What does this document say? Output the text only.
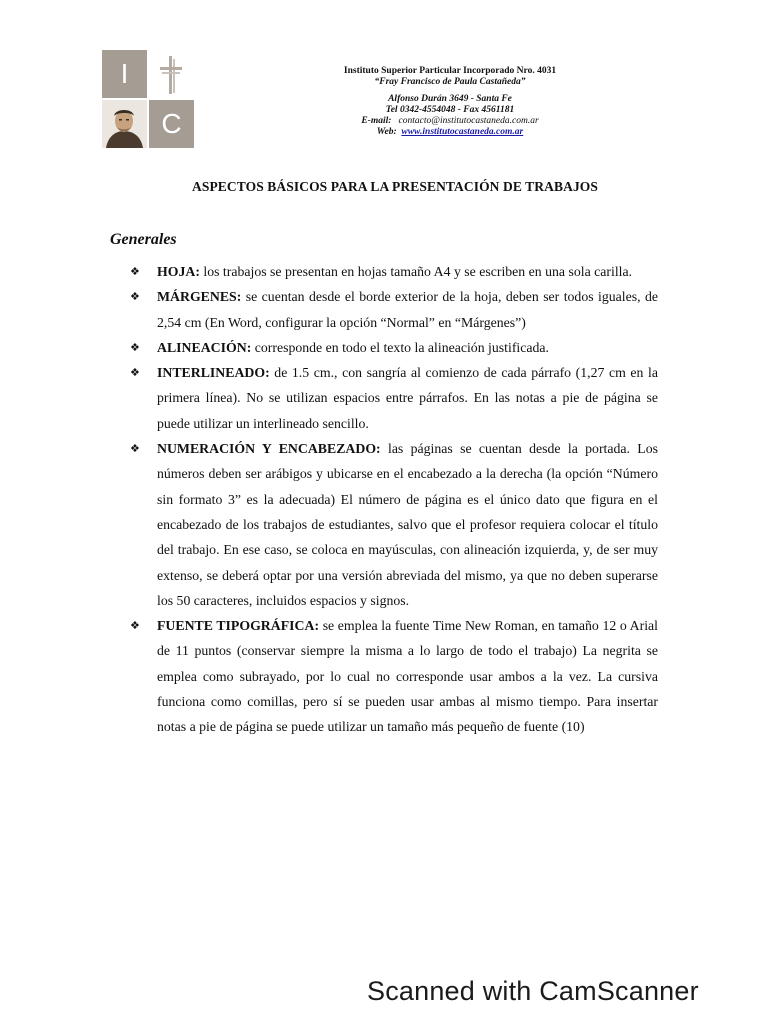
I
C
Instituto Superior Particular Incorporado Nro. 4031
“Fray Francisco de Paula Castañeda”
Alfonso Durán 3649 - Santa Fe
Tel 0342-4554048 - Fax 4561181
E-mail: contacto@institutocastaneda.com.ar
Web: www.institutocastaneda.com.ar
ASPECTOS BÁSICOS PARA LA PRESENTACIÓN DE TRABAJOS
Generales
❖ HOJA: los trabajos se presentan en hojas tamaño A4 y se escriben en una sola carilla.
❖ MÁRGENES: se cuentan desde el borde exterior de la hoja, deben ser todos iguales, de 2,54 cm (En Word, configurar la opción “Normal” en “Márgenes”)
❖ ALINEACIÓN: corresponde en todo el texto la alineación justificada.
❖ INTERLINEADO: de 1.5 cm., con sangría al comienzo de cada párrafo (1,27 cm en la primera línea). No se utilizan espacios entre párrafos. En las notas a pie de página se puede utilizar un interlineado sencillo.
❖ NUMERACIÓN Y ENCABEZADO: las páginas se cuentan desde la portada. Los números deben ser arábigos y ubicarse en el encabezado a la derecha (la opción “Número sin formato 3” es la adecuada) El número de página es el único dato que figura en el encabezado de los trabajos de estudiantes, salvo que el profesor requiera colocar el título del trabajo. En ese caso, se coloca en mayúsculas, con alineación izquierda, y, de ser muy extenso, se deberá optar por una versión abreviada del mismo, ya que no deben superarse los 50 caracteres, incluidos espacios y signos.
❖ FUENTE TIPOGRÁFICA: se emplea la fuente Time New Roman, en tamaño 12 o Arial de 11 puntos (conservar siempre la misma a lo largo de todo el trabajo) La negrita se emplea como subrayado, por lo cual no corresponde usar ambos a la vez. La cursiva funciona como comillas, pero sí se pueden usar ambas al mismo tiempo. Para insertar notas a pie de página se puede utilizar un tamaño más pequeño de fuente (10)
Scanned with CamScanner
